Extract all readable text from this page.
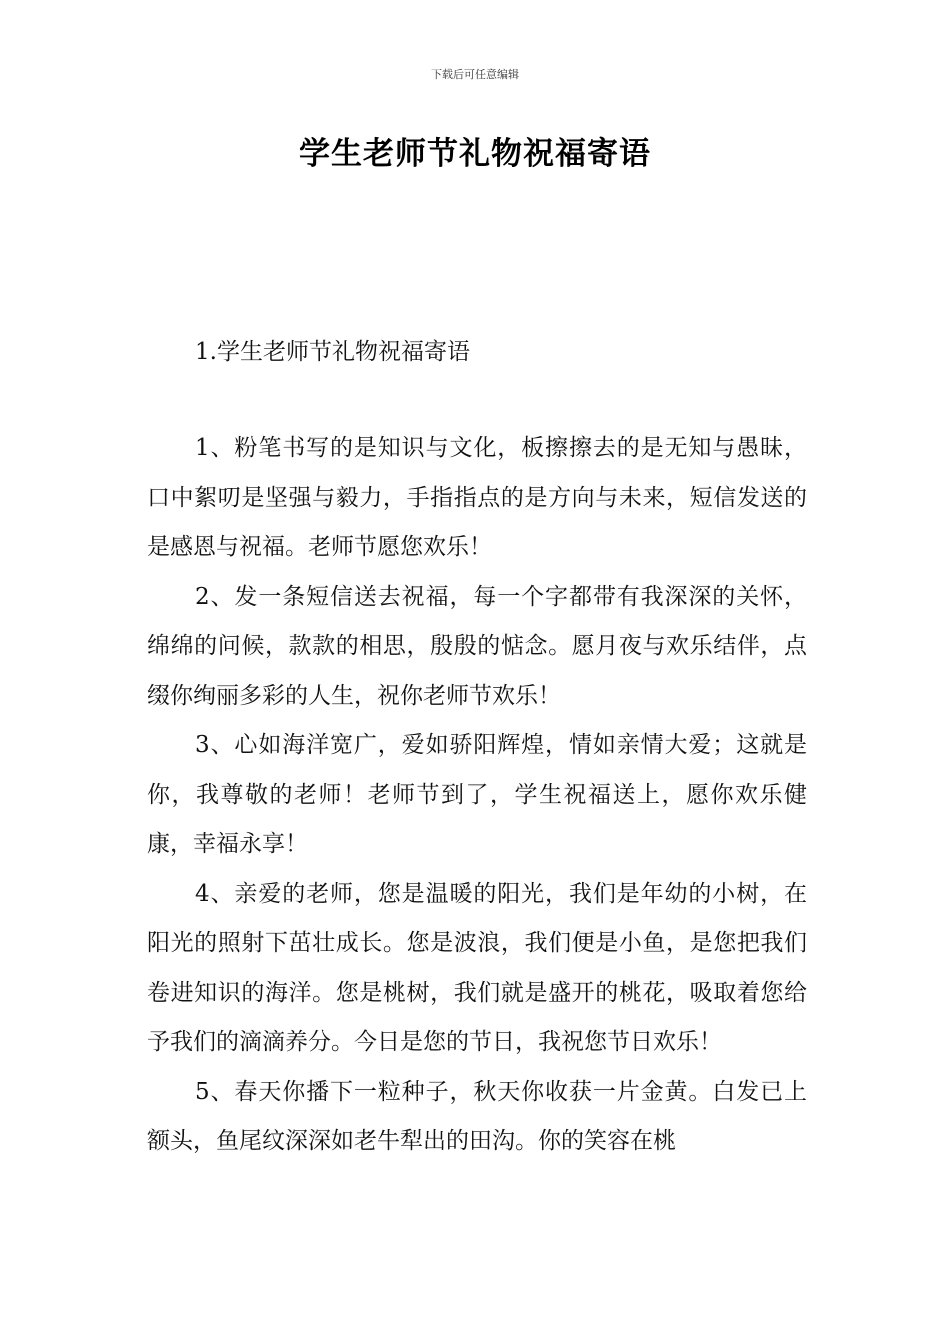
下载后可任意编辑
学生老师节礼物祝福寄语
1.学生老师节礼物祝福寄语

1、粉笔书写的是知识与文化，板擦擦去的是无知与愚昧，口中絮叨是坚强与毅力，手指指点的是方向与未来，短信发送的是感恩与祝福。老师节愿您欢乐！

2、发一条短信送去祝福，每一个字都带有我深深的关怀，绵绵的问候，款款的相思，殷殷的惦念。愿月夜与欢乐结伴，点缀你绚丽多彩的人生，祝你老师节欢乐！

3、心如海洋宽广，爱如骄阳辉煌，情如亲情大爱；这就是你，我尊敬的老师！老师节到了，学生祝福送上，愿你欢乐健康，幸福永享！

4、亲爱的老师，您是温暖的阳光，我们是年幼的小树，在阳光的照射下茁壮成长。您是波浪，我们便是小鱼，是您把我们卷进知识的海洋。您是桃树，我们就是盛开的桃花，吸取着您给予我们的滴滴养分。今日是您的节日，我祝您节日欢乐！

5、春天你播下一粒种子，秋天你收获一片金黄。白发已上额头，鱼尾纹深深如老牛犁出的田沟。你的笑容在桃
